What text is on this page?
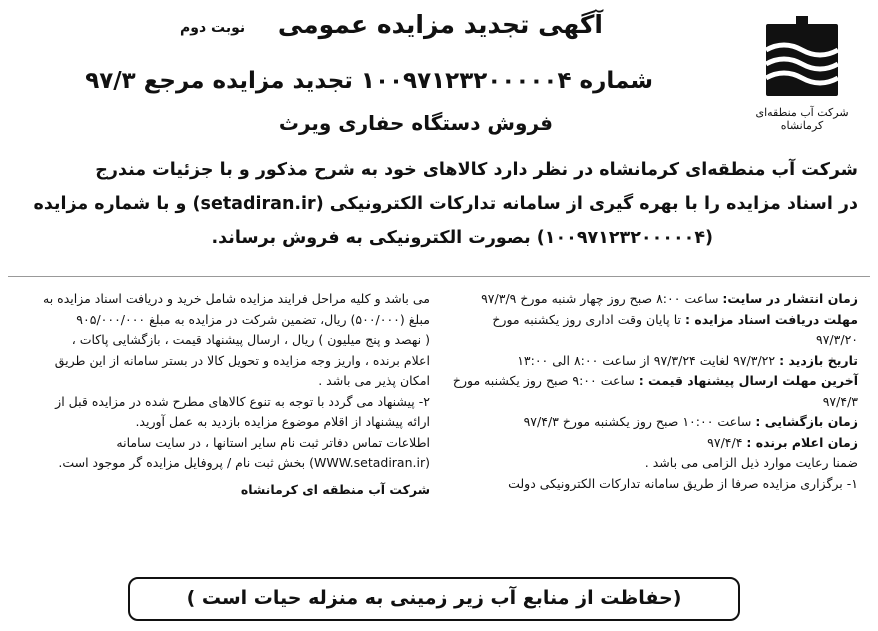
شرکت آب منطقه‌ای کرمانشاه
آگهی تجدید مزایده عمومی
نوبت دوم
شماره ۱۰۰۹۷۱۲۳۲۰۰۰۰۰۴ تجدید مزایده مرجع ۹۷/۳
فروش دستگاه حفاری ویرث
شرکت آب منطقه‌ای کرمانشاه در نظر دارد کالاهای خود به شرح مذکور و با جزئیات مندرج
در اسناد مزایده را با بهره گیری از سامانه تدارکات الکترونیکی (setadiran.ir) و با شماره مزایده
(۱۰۰۹۷۱۲۳۲۰۰۰۰۰۴) بصورت الکترونیکی به فروش برساند.
زمان انتشار در سایت: ساعت ۸:۰۰ صبح روز چهار شنبه مورخ ۹۷/۳/۹
مهلت دریافت اسناد مزایده : تا پایان وقت اداری روز یکشنبه مورخ
۹۷/۳/۲۰
تاریخ بازدید : ۹۷/۳/۲۲ لغایت ۹۷/۳/۲۴ از ساعت ۸:۰۰ الی ۱۳:۰۰
آخرین مهلت ارسال پیشنهاد قیمت : ساعت ۹:۰۰ صبح روز یکشنبه مورخ
۹۷/۴/۳
زمان بازگشایی : ساعت ۱۰:۰۰ صبح روز یکشنبه مورخ ۹۷/۴/۳
زمان اعلام برنده : ۹۷/۴/۴
ضمنا رعایت موارد ذیل الزامی می باشد .
۱- برگزاری مزایده صرفا از طریق سامانه تدارکات الکترونیکی دولت
می باشد و کلیه مراحل فرایند مزایده شامل خرید و دریافت اسناد مزایده به
مبلغ (۵۰۰/۰۰۰) ریال، تضمین شرکت در مزایده به مبلغ ۹۰۵/۰۰۰/۰۰۰
( نهصد و پنج میلیون ) ریال ، ارسال پیشنهاد قیمت ، بازگشایی پاکات ،
اعلام برنده ، واریز وجه مزایده و تحویل کالا در بستر سامانه از این طریق
امکان پذیر می باشد .
۲- پیشنهاد می گردد با توجه به تنوع کالاهای مطرح شده در مزایده قبل از
ارائه پیشنهاد از اقلام موضوع مزایده بازدید به عمل آورید.
اطلاعات تماس دفاتر ثبت نام سایر استانها ، در سایت سامانه
(WWW.setadiran.ir) بخش ثبت نام / پروفایل مزایده گر موجود است.
شرکت آب منطقه ای کرمانشاه
(حفاظت از منابع آب زیر زمینی به منزله حیات است )
